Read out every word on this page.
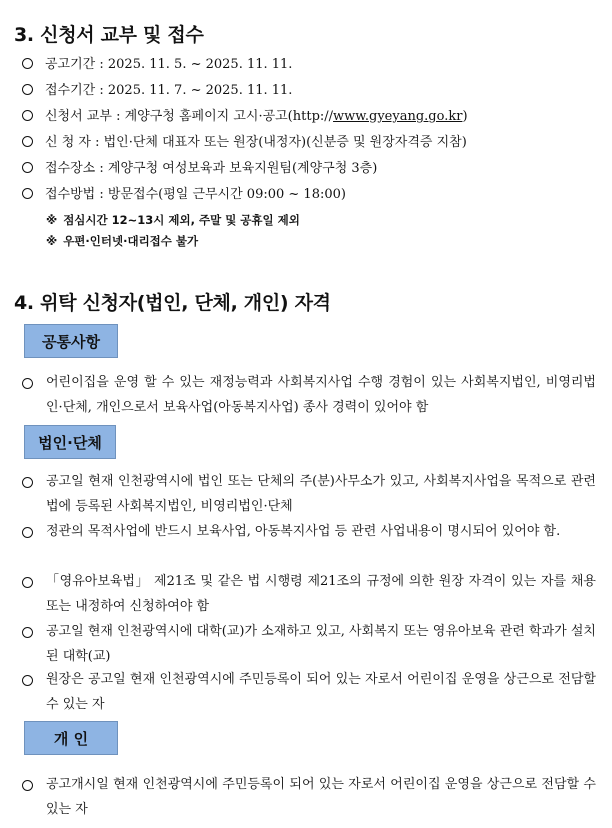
3. 신청서 교부 및 접수
공고기간 : 2025. 11. 5. ~ 2025. 11. 11.
접수기간 : 2025. 11. 7. ~ 2025. 11. 11.
신청서 교부 : 계양구청 홈페이지 고시·공고(http://www.gyeyang.go.kr)
신 청 자 : 법인·단체 대표자 또는 원장(내정자)(신분증 및 원장자격증 지참)
접수장소 : 계양구청 여성보육과 보육지원팀(계양구청 3층)
접수방법 : 방문접수(평일 근무시간 09:00 ~ 18:00)
※ 점심시간 12~13시 제외, 주말 및 공휴일 제외
※ 우편·인터넷·대리접수 불가
4. 위탁 신청자(법인, 단체, 개인) 자격
공통사항
어린이집을 운영 할 수 있는 재정능력과 사회복지사업 수행 경험이 있는 사회복지법인, 비영리법인·단체, 개인으로서 보육사업(아동복지사업) 종사 경력이 있어야 함
법인·단체
공고일 현재 인천광역시에 법인 또는 단체의 주(분)사무소가 있고, 사회복지사업을 목적으로 관련법에 등록된 사회복지법인, 비영리법인·단체
정관의 목적사업에 반드시 보육사업, 아동복지사업 등 관련 사업내용이 명시되어 있어야 함.
「영유아보육법」 제21조 및 같은 법 시행령 제21조의 규정에 의한 원장 자격이 있는 자를 채용 또는 내정하여 신청하여야 함
공고일 현재 인천광역시에 대학(교)가 소재하고 있고, 사회복지 또는 영유아보육 관련 학과가 설치된 대학(교)
원장은 공고일 현재 인천광역시에 주민등록이 되어 있는 자로서 어린이집 운영을 상근으로 전담할 수 있는 자
개 인
공고개시일 현재 인천광역시에 주민등록이 되어 있는 자로서 어린이집 운영을 상근으로 전담할 수 있는 자
